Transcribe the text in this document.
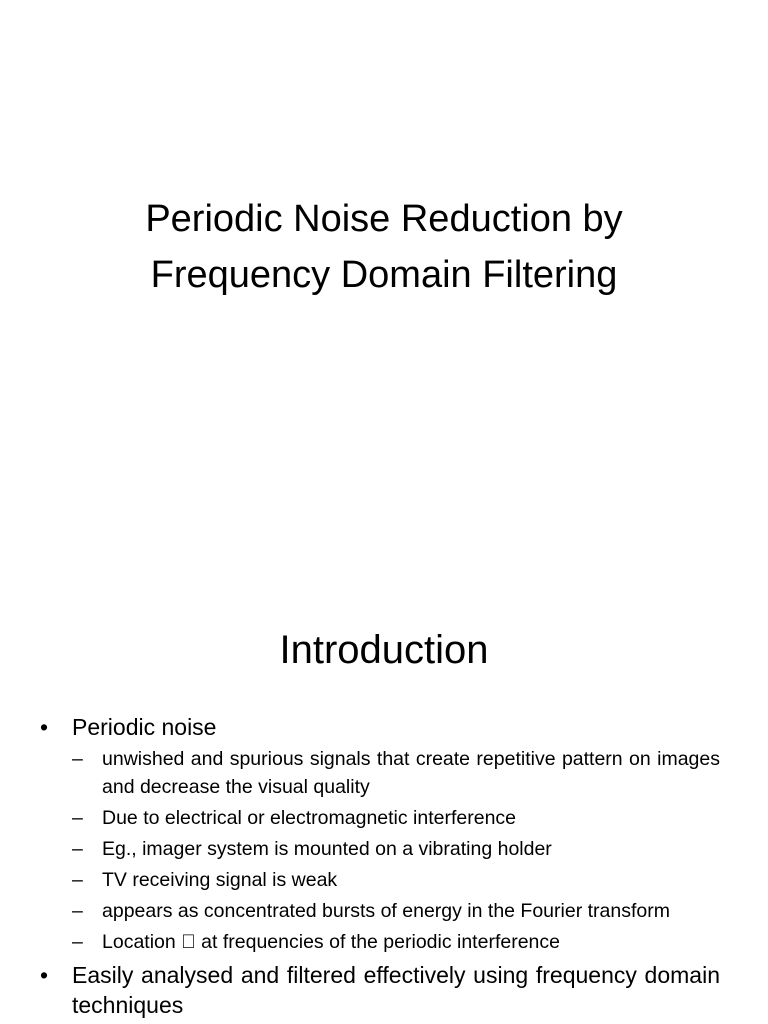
Periodic Noise Reduction by
Frequency Domain Filtering
Introduction
•	Periodic noise
– unwished and spurious signals that create repetitive pattern on images and decrease the visual quality
– Due to electrical or electromagnetic interference
– Eg., imager system is mounted on a vibrating holder
– TV receiving signal is weak
– appears as concentrated bursts of energy in the Fourier transform
– Location at frequencies of the periodic interference
•	Easily analysed and filtered effectively using frequency domain techniques
